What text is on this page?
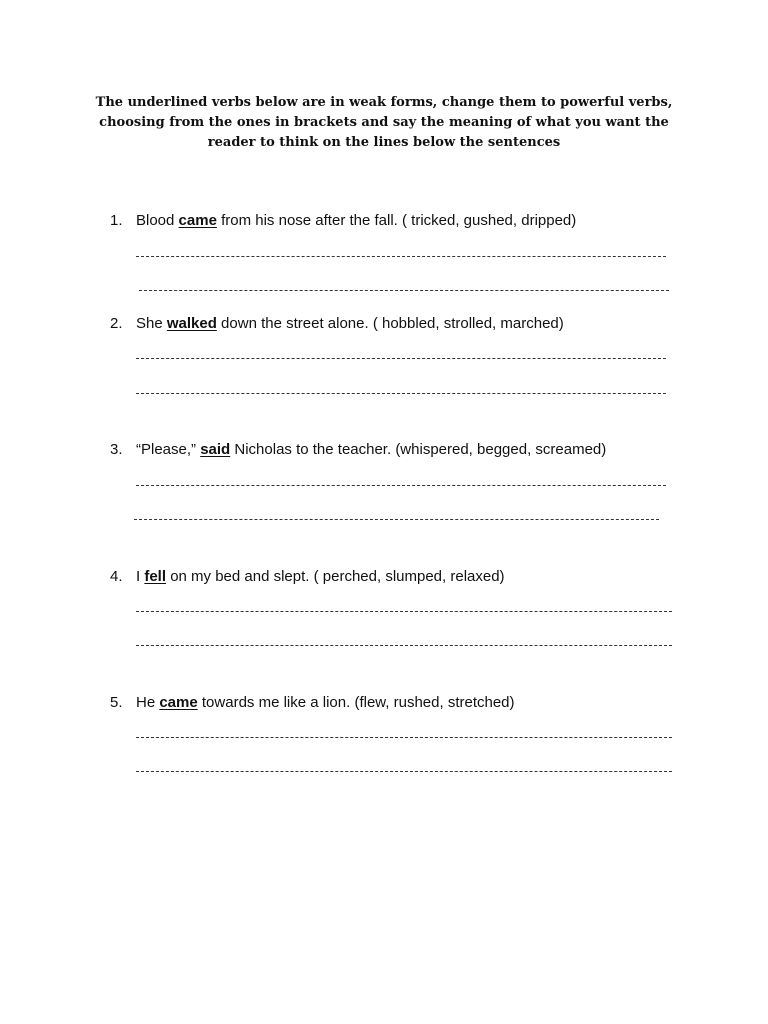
The underlined verbs below are in weak forms, change them to powerful verbs,
choosing from the ones in brackets and say the meaning of what you want the
reader to think on the lines below the sentences
1. Blood came from his nose after the fall. ( tricked, gushed, dripped)
2. She walked down the street alone. ( hobbled, strolled, marched)
3. “Please,” said Nicholas to the teacher. (whispered, begged, screamed)
4. I fell on my bed and slept. ( perched, slumped, relaxed)
5. He came towards me like a lion. (flew, rushed, stretched)
